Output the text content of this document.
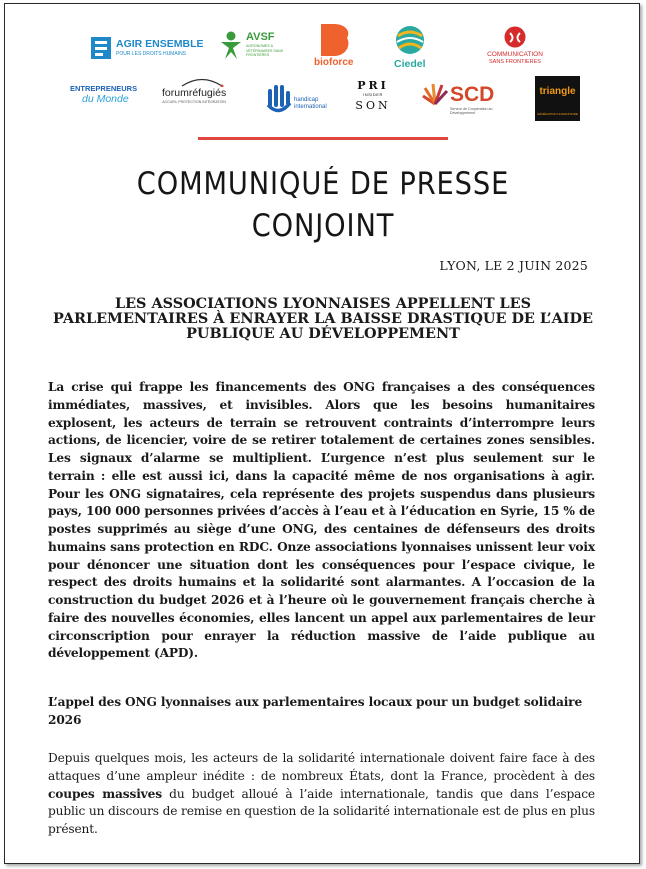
AGIR ENSEMBLE
POUR LES DROITS HUMAINS
AVSF
AGRONOMES & VÉTÉRINAIRES SANS FRONTIÈRES
bioforce	Ciedel
COMMUNICATION
SANS FRONTIERES
ENTREPRENEURS
du Monde	forumréfugiés
ACCUEIL PROTECTION INTÉGRATION	handicap
international
PRI
INSIDER
SON	SCD
Service de Coopération au Développement
triangle
GÉNÉRATION HUMANITAIRE
COMMUNIQUÉ DE PRESSE
CONJOINT
LYON, LE 2 JUIN 2025
LES ASSOCIATIONS LYONNAISES APPELLENT LES PARLEMENTAIRES À ENRAYER LA BAISSE DRASTIQUE DE L’AIDE PUBLIQUE AU DÉVELOPPEMENT
La crise qui frappe les financements des ONG françaises a des conséquences immédiates, massives, et invisibles. Alors que les besoins humanitaires explosent, les acteurs de terrain se retrouvent contraints d’interrompre leurs actions, de licencier, voire de se retirer totalement de certaines zones sensibles. Les signaux d’alarme se multiplient. L’urgence n’est plus seulement sur le terrain : elle est aussi ici, dans la capacité même de nos organisations à agir. Pour les ONG signataires, cela représente des projets suspendus dans plusieurs pays, 100 000 personnes privées d’accès à l’eau et à l’éducation en Syrie, 15 % de postes supprimés au siège d’une ONG, des centaines de défenseurs des droits humains sans protection en RDC. Onze associations lyonnaises unissent leur voix pour dénoncer une situation dont les conséquences pour l’espace civique, le respect des droits humains et la solidarité sont alarmantes. A l’occasion de la construction du budget 2026 et à l’heure où le gouvernement français cherche à faire des nouvelles économies, elles lancent un appel aux parlementaires de leur circonscription pour enrayer la réduction massive de l’aide publique au développement (APD).
L’appel des ONG lyonnaises aux parlementaires locaux pour un budget solidaire 2026
Depuis quelques mois, les acteurs de la solidarité internationale doivent faire face à des attaques d’une ampleur inédite : de nombreux États, dont la France, procèdent à des coupes massives du budget alloué à l’aide internationale, tandis que dans l’espace public un discours de remise en question de la solidarité internationale est de plus en plus présent.
